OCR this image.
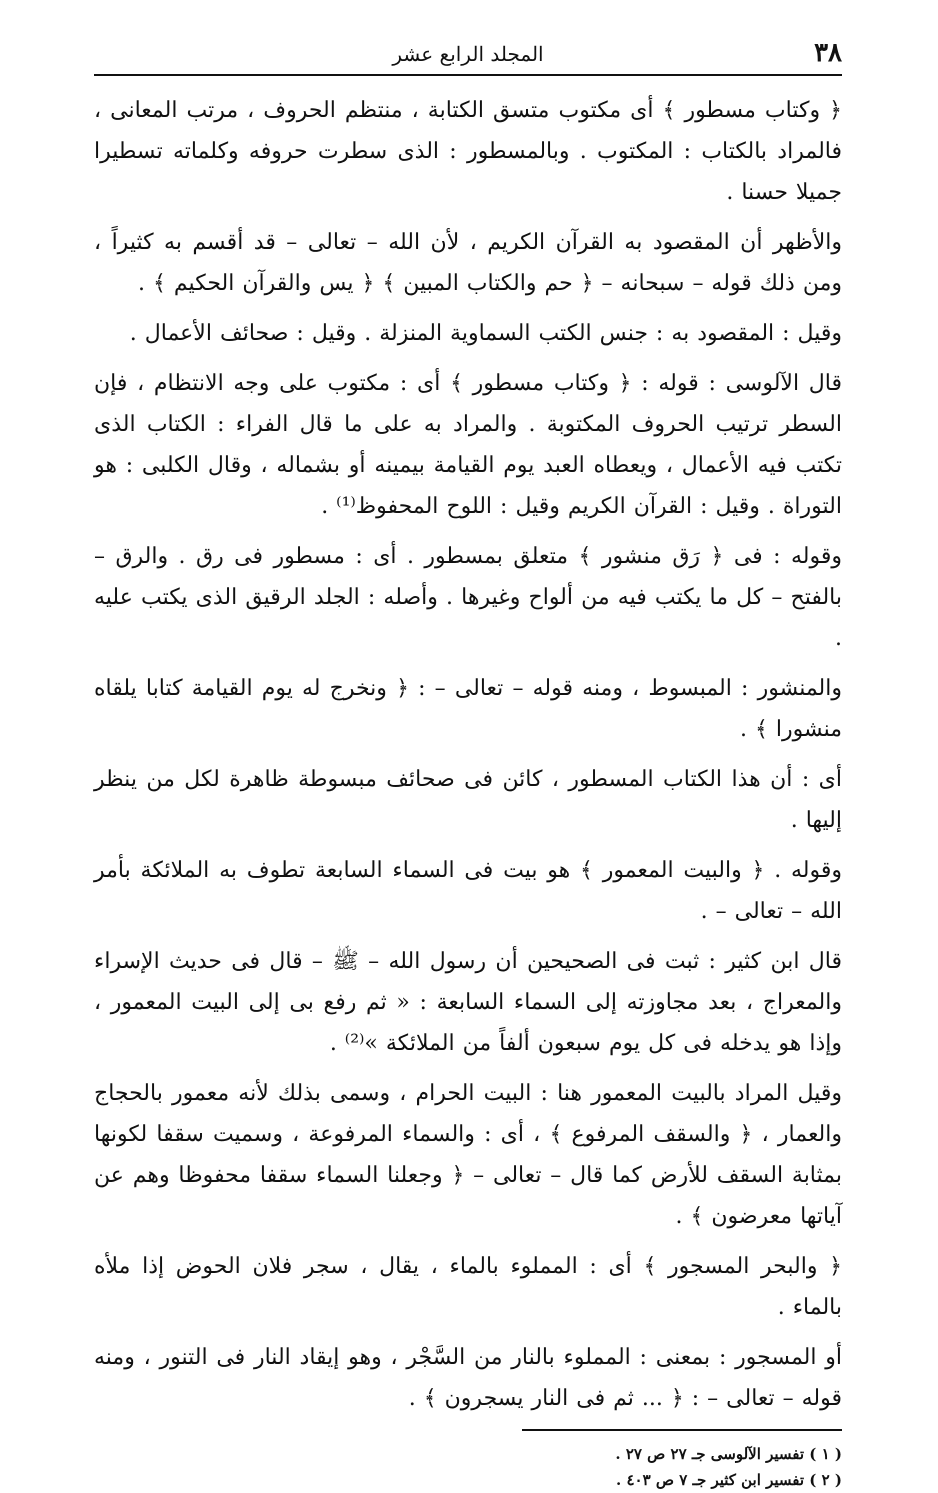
٣٨
المجلد الرابع عشر

﴿ وكتاب مسطور ﴾ أى مكتوب متسق الكتابة ، منتظم الحروف ، مرتب المعانى ، فالمراد بالكتاب : المكتوب . وبالمسطور : الذى سطرت حروفه وكلماته تسطيرا جميلا حسنا .

والأظهر أن المقصود به القرآن الكريم ، لأن الله – تعالى – قد أقسم به كثيراً ، ومن ذلك قوله – سبحانه – ﴿ حم والكتاب المبين ﴾ ﴿ يس والقرآن الحكيم ﴾ .

وقيل : المقصود به : جنس الكتب السماوية المنزلة . وقيل : صحائف الأعمال .

قال الآلوسى : قوله : ﴿ وكتاب مسطور ﴾ أى : مكتوب على وجه الانتظام ، فإن السطر ترتيب الحروف المكتوبة . والمراد به على ما قال الفراء : الكتاب الذى تكتب فيه الأعمال ، ويعطاه العبد يوم القيامة بيمينه أو بشماله ، وقال الكلبى : هو التوراة . وقيل : القرآن الكريم وقيل : اللوح المحفوظ⁽¹⁾ .

وقوله : فى ﴿ رَق منشور ﴾ متعلق بمسطور . أى : مسطور فى رق . والرق – بالفتح – كل ما يكتب فيه من ألواح وغيرها . وأصله : الجلد الرقيق الذى يكتب عليه .

والمنشور : المبسوط ، ومنه قوله – تعالى – : ﴿ ونخرج له يوم القيامة كتابا يلقاه منشورا ﴾ .

أى : أن هذا الكتاب المسطور ، كائن فى صحائف مبسوطة ظاهرة لكل من ينظر إليها .

وقوله . ﴿ والبيت المعمور ﴾ هو بيت فى السماء السابعة تطوف به الملائكة بأمر الله – تعالى – .

قال ابن كثير : ثبت فى الصحيحين أن رسول الله – ﷺ – قال فى حديث الإسراء والمعراج ، بعد مجاوزته إلى السماء السابعة : « ثم رفع بى إلى البيت المعمور ، وإذا هو يدخله فى كل يوم سبعون ألفاً من الملائكة »⁽²⁾ .

وقيل المراد بالبيت المعمور هنا : البيت الحرام ، وسمى بذلك لأنه معمور بالحجاج والعمار ، ﴿ والسقف المرفوع ﴾ ، أى : والسماء المرفوعة ، وسميت سقفا لكونها بمثابة السقف للأرض كما قال – تعالى – ﴿ وجعلنا السماء سقفا محفوظا وهم عن آياتها معرضون ﴾ .

﴿ والبحر المسجور ﴾ أى : المملوء بالماء ، يقال ، سجر فلان الحوض إذا ملأه بالماء .

أو المسجور : بمعنى : المملوء بالنار من السَّجْر ، وهو إيقاد النار فى التنور ، ومنه قوله – تعالى – : ﴿ ... ثم فى النار يسجرون ﴾ .

( ١ ) تفسير الآلوسى جـ ٢٧ ص ٢٧ .
( ٢ ) تفسير ابن كثير جـ ٧ ص ٤٠٣ .
